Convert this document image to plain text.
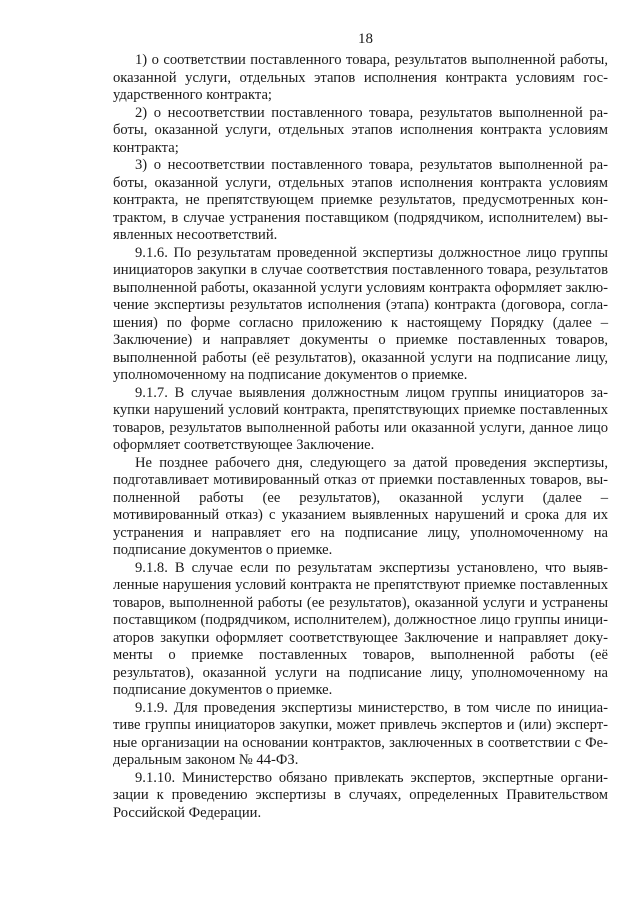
18

1) о соответствии поставленного товара, результатов выполненной работы, оказанной услуги, отдельных этапов исполнения контракта условиям государственного контракта;

2) о несоответствии поставленного товара, результатов выполненной работы, оказанной услуги, отдельных этапов исполнения контракта условиям контракта;

3) о несоответствии поставленного товара, результатов выполненной работы, оказанной услуги, отдельных этапов исполнения контракта условиям контракта, не препятствующем приемке результатов, предусмотренных контрактом, в случае устранения поставщиком (подрядчиком, исполнителем) выявленных несоответствий.

9.1.6. По результатам проведенной экспертизы должностное лицо группы инициаторов закупки в случае соответствия поставленного товара, результатов выполненной работы, оказанной услуги условиям контракта оформляет заключение экспертизы результатов исполнения (этапа) контракта (договора, соглашения) по форме согласно приложению к настоящему Порядку (далее – Заключение) и направляет документы о приемке поставленных товаров, выполненной работы (её результатов), оказанной услуги на подписание лицу, уполномоченному на подписание документов о приемке.

9.1.7. В случае выявления должностным лицом группы инициаторов закупки нарушений условий контракта, препятствующих приемке поставленных товаров, результатов выполненной работы или оказанной услуги, данное лицо оформляет соответствующее Заключение.

Не позднее рабочего дня, следующего за датой проведения экспертизы, подготавливает мотивированный отказ от приемки поставленных товаров, выполненной работы (ее результатов), оказанной услуги (далее – мотивированный отказ) с указанием выявленных нарушений и срока для их устранения и направляет его на подписание лицу, уполномоченному на подписание документов о приемке.

9.1.8. В случае если по результатам экспертизы установлено, что выявленные нарушения условий контракта не препятствуют приемке поставленных товаров, выполненной работы (ее результатов), оказанной услуги и устранены поставщиком (подрядчиком, исполнителем), должностное лицо группы инициаторов закупки оформляет соответствующее Заключение и направляет документы о приемке поставленных товаров, выполненной работы (её результатов), оказанной услуги на подписание лицу, уполномоченному на подписание документов о приемке.

9.1.9. Для проведения экспертизы министерство, в том числе по инициативе группы инициаторов закупки, может привлечь экспертов и (или) экспертные организации на основании контрактов, заключенных в соответствии с Федеральным законом № 44-ФЗ.

9.1.10. Министерство обязано привлекать экспертов, экспертные организации к проведению экспертизы в случаях, определенных Правительством Российской Федерации.
